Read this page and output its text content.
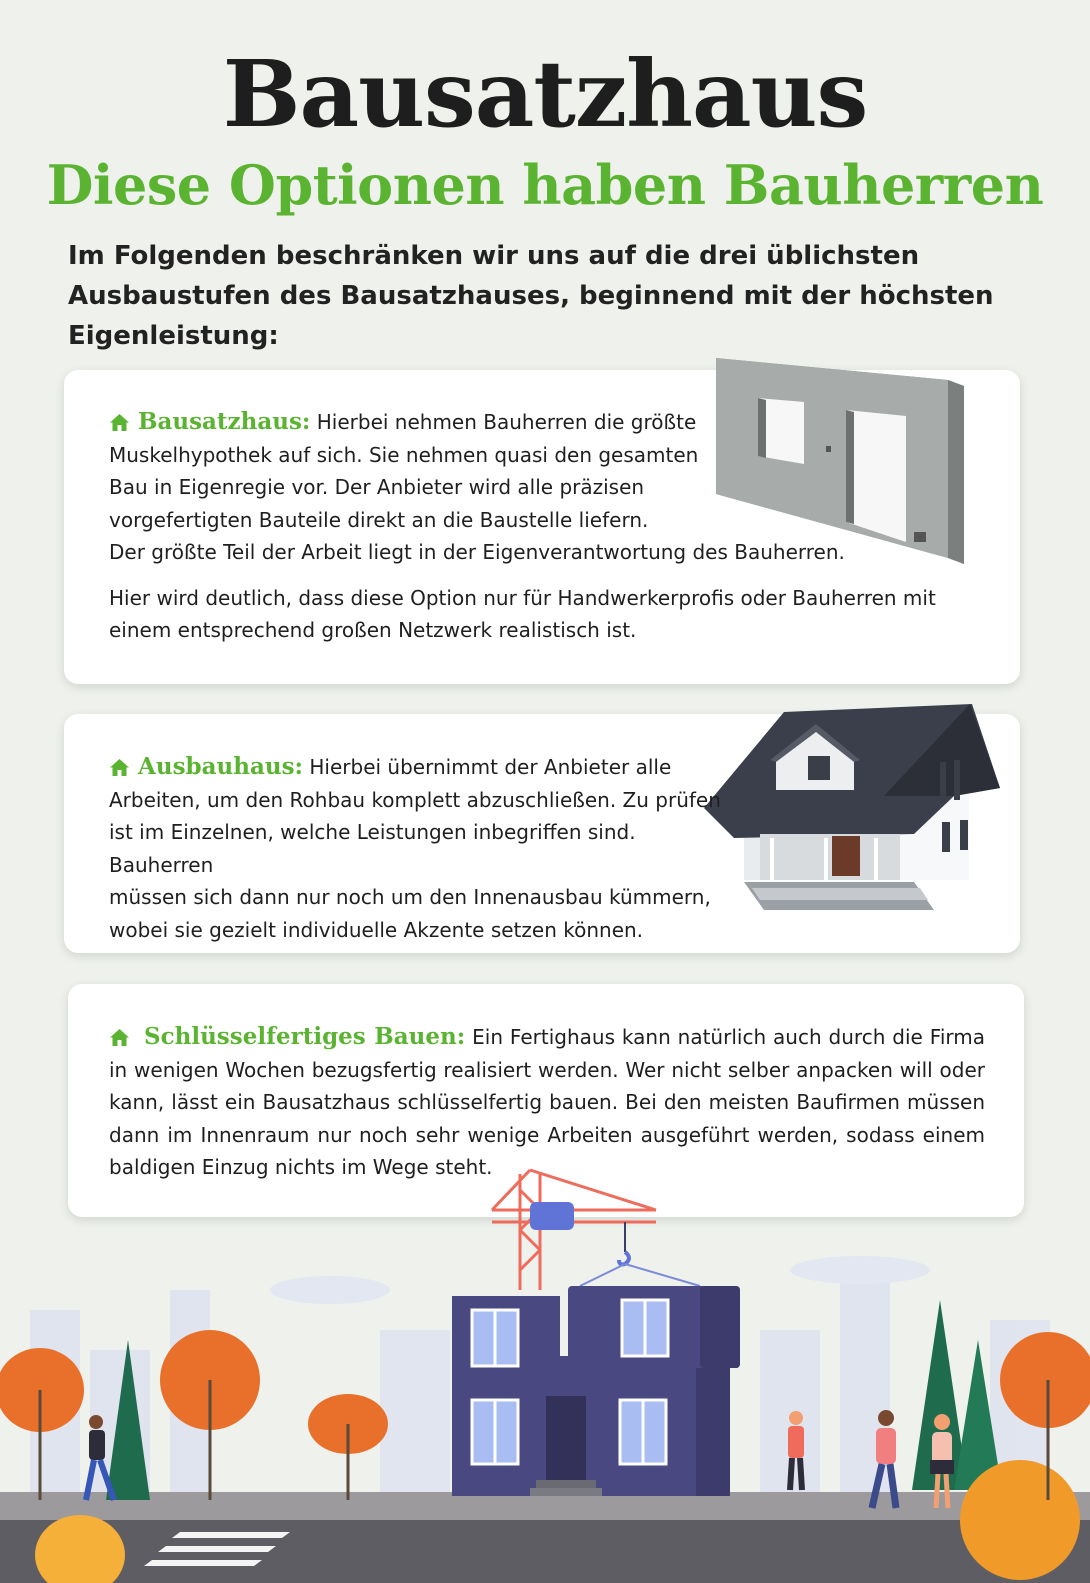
Bausatzhaus
Diese Optionen haben Bauherren

Im Folgenden beschränken wir uns auf die drei üblichsten Ausbaustufen des Bausatzhauses, beginnend mit der höchsten Eigenleistung:

Bausatzhaus: Hierbei nehmen Bauherren die größte

Muskelhypothek auf sich. Sie nehmen quasi den gesamten

Bau in Eigenregie vor. Der Anbieter wird alle präzisen

vorgefertigten Bauteile direkt an die Baustelle liefern.

Der größte Teil der Arbeit liegt in der Eigenverantwortung des Bauherren.

Hier wird deutlich, dass diese Option nur für Handwerkerprofis oder Bauherren mit einem entsprechend großen Netzwerk realistisch ist.

Ausbauhaus: Hierbei übernimmt der Anbieter alle

Arbeiten, um den Rohbau komplett abzuschließen. Zu prüfen

ist im Einzelnen, welche Leistungen inbegriffen sind. Bauherren

müssen sich dann nur noch um den Innenausbau kümmern,

wobei sie gezielt individuelle Akzente setzen können.

Schlüsselfertiges Bauen: Ein Fertighaus kann natürlich auch durch die Firma in wenigen Wochen bezugsfertig realisiert werden. Wer nicht selber anpacken will oder kann, lässt ein Bausatzhaus schlüsselfertig bauen. Bei den meisten Baufirmen müssen dann im Innenraum nur noch sehr wenige Arbeiten ausgeführt werden, sodass einem baldigen Einzug nichts im Wege steht.
